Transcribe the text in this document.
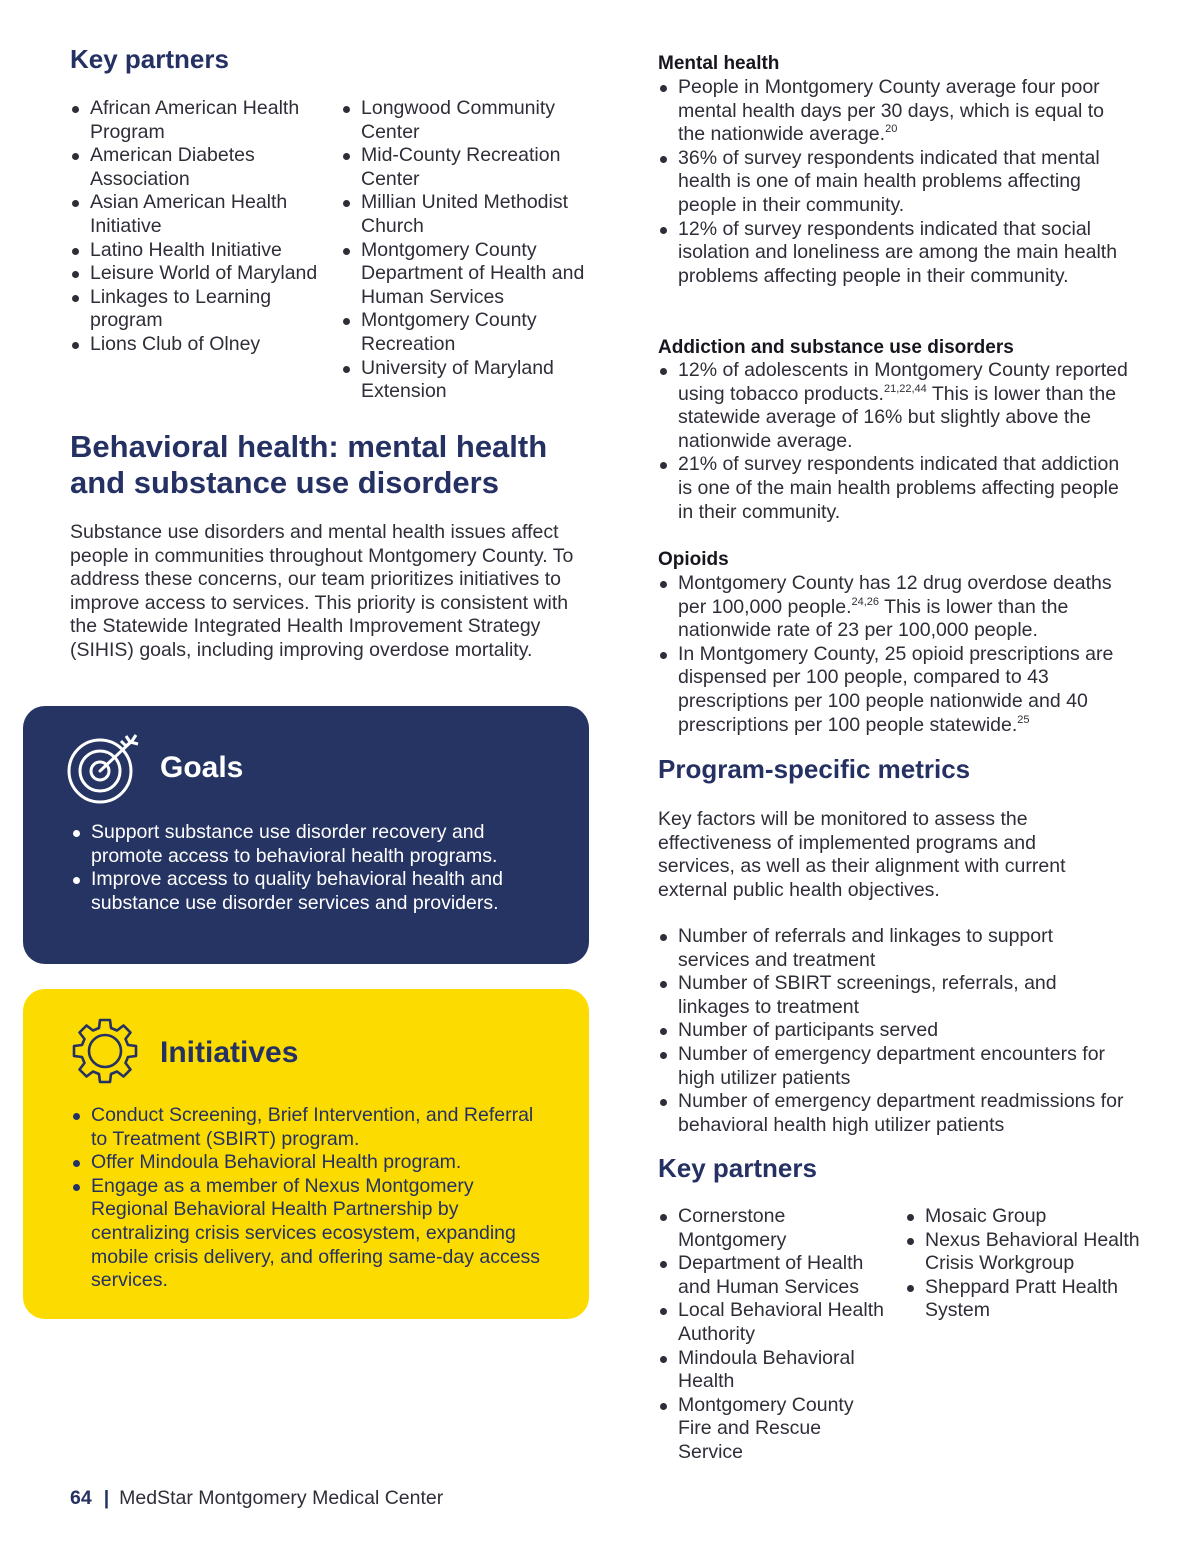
Key partners
African American Health Program
American Diabetes Association
Asian American Health Initiative
Latino Health Initiative
Leisure World of Maryland
Linkages to Learning program
Lions Club of Olney
Longwood Community Center
Mid-County Recreation Center
Millian United Methodist Church
Montgomery County Department of Health and Human Services
Montgomery County Recreation
University of Maryland Extension
Behavioral health: mental health and substance use disorders
Substance use disorders and mental health issues affect people in communities throughout Montgomery County. To address these concerns, our team prioritizes initiatives to improve access to services. This priority is consistent with the Statewide Integrated Health Improvement Strategy (SIHIS) goals, including improving overdose mortality.
Goals
Support substance use disorder recovery and promote access to behavioral health programs.
Improve access to quality behavioral health and substance use disorder services and providers.
Initiatives
Conduct Screening, Brief Intervention, and Referral to Treatment (SBIRT) program.
Offer Mindoula Behavioral Health program.
Engage as a member of Nexus Montgomery Regional Behavioral Health Partnership by centralizing crisis services ecosystem, expanding mobile crisis delivery, and offering same-day access services.
Mental health
People in Montgomery County average four poor mental health days per 30 days, which is equal to the nationwide average.$^{20}$
36% of survey respondents indicated that mental health is one of main health problems affecting people in their community.
12% of survey respondents indicated that social isolation and loneliness are among the main health problems affecting people in their community.
Addiction and substance use disorders
12% of adolescents in Montgomery County reported using tobacco products.$^{21,22,44}$ This is lower than the statewide average of 16% but slightly above the nationwide average.
21% of survey respondents indicated that addiction is one of the main health problems affecting people in their community.
Opioids
Montgomery County has 12 drug overdose deaths per 100,000 people.$^{24,26}$ This is lower than the nationwide rate of 23 per 100,000 people.
In Montgomery County, 25 opioid prescriptions are dispensed per 100 people, compared to 43 prescriptions per 100 people nationwide and 40 prescriptions per 100 people statewide.$^{25}$
Program-specific metrics
Key factors will be monitored to assess the effectiveness of implemented programs and services, as well as their alignment with current external public health objectives.
Number of referrals and linkages to support services and treatment
Number of SBIRT screenings, referrals, and linkages to treatment
Number of participants served
Number of emergency department encounters for high utilizer patients
Number of emergency department readmissions for behavioral health high utilizer patients
Key partners
Cornerstone Montgomery
Department of Health and Human Services
Local Behavioral Health Authority
Mindoula Behavioral Health
Montgomery County Fire and Rescue Service
Mosaic Group
Nexus Behavioral Health Crisis Workgroup
Sheppard Pratt Health System
64 | MedStar Montgomery Medical Center
